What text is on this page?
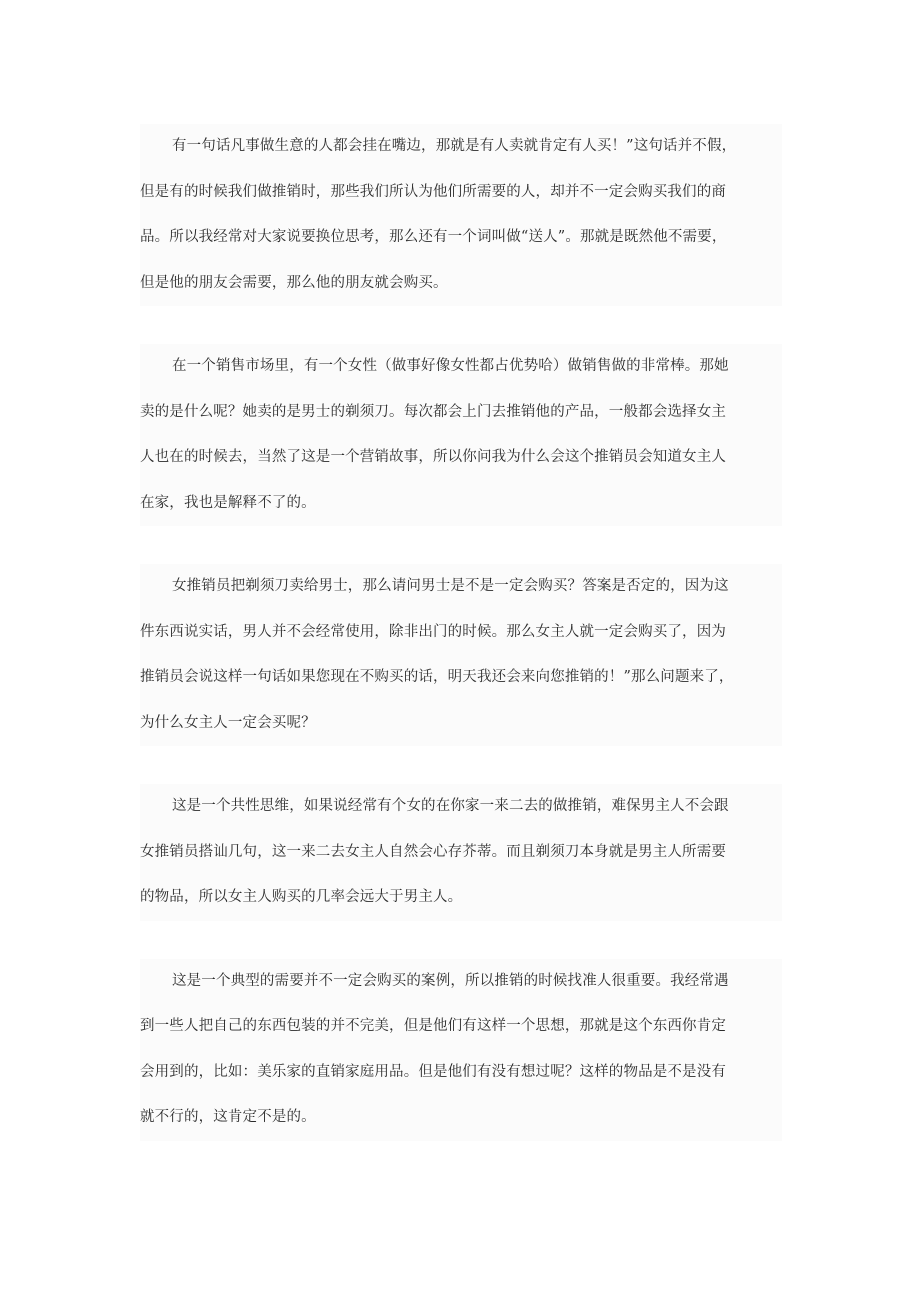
有一句话凡事做生意的人都会挂在嘴边，那就是有人卖就肯定有人买！”这句话并不假，
但是有的时候我们做推销时，那些我们所认为他们所需要的人，却并不一定会购买我们的商
品。所以我经常对大家说要换位思考，那么还有一个词叫做“送人”。那就是既然他不需要，
但是他的朋友会需要，那么他的朋友就会购买。
在一个销售市场里，有一个女性（做事好像女性都占优势哈）做销售做的非常棒。那她
卖的是什么呢？她卖的是男士的剃须刀。每次都会上门去推销他的产品，一般都会选择女主
人也在的时候去，当然了这是一个营销故事，所以你问我为什么会这个推销员会知道女主人
在家，我也是解释不了的。
女推销员把剃须刀卖给男士，那么请问男士是不是一定会购买？答案是否定的，因为这
件东西说实话，男人并不会经常使用，除非出门的时候。那么女主人就一定会购买了，因为
推销员会说这样一句话如果您现在不购买的话，明天我还会来向您推销的！”那么问题来了，
为什么女主人一定会买呢？
这是一个共性思维，如果说经常有个女的在你家一来二去的做推销，难保男主人不会跟
女推销员搭讪几句，这一来二去女主人自然会心存芥蒂。而且剃须刀本身就是男主人所需要
的物品，所以女主人购买的几率会远大于男主人。
这是一个典型的需要并不一定会购买的案例，所以推销的时候找准人很重要。我经常遇
到一些人把自己的东西包装的并不完美，但是他们有这样一个思想，那就是这个东西你肯定
会用到的，比如：美乐家的直销家庭用品。但是他们有没有想过呢？这样的物品是不是没有
就不行的，这肯定不是的。
